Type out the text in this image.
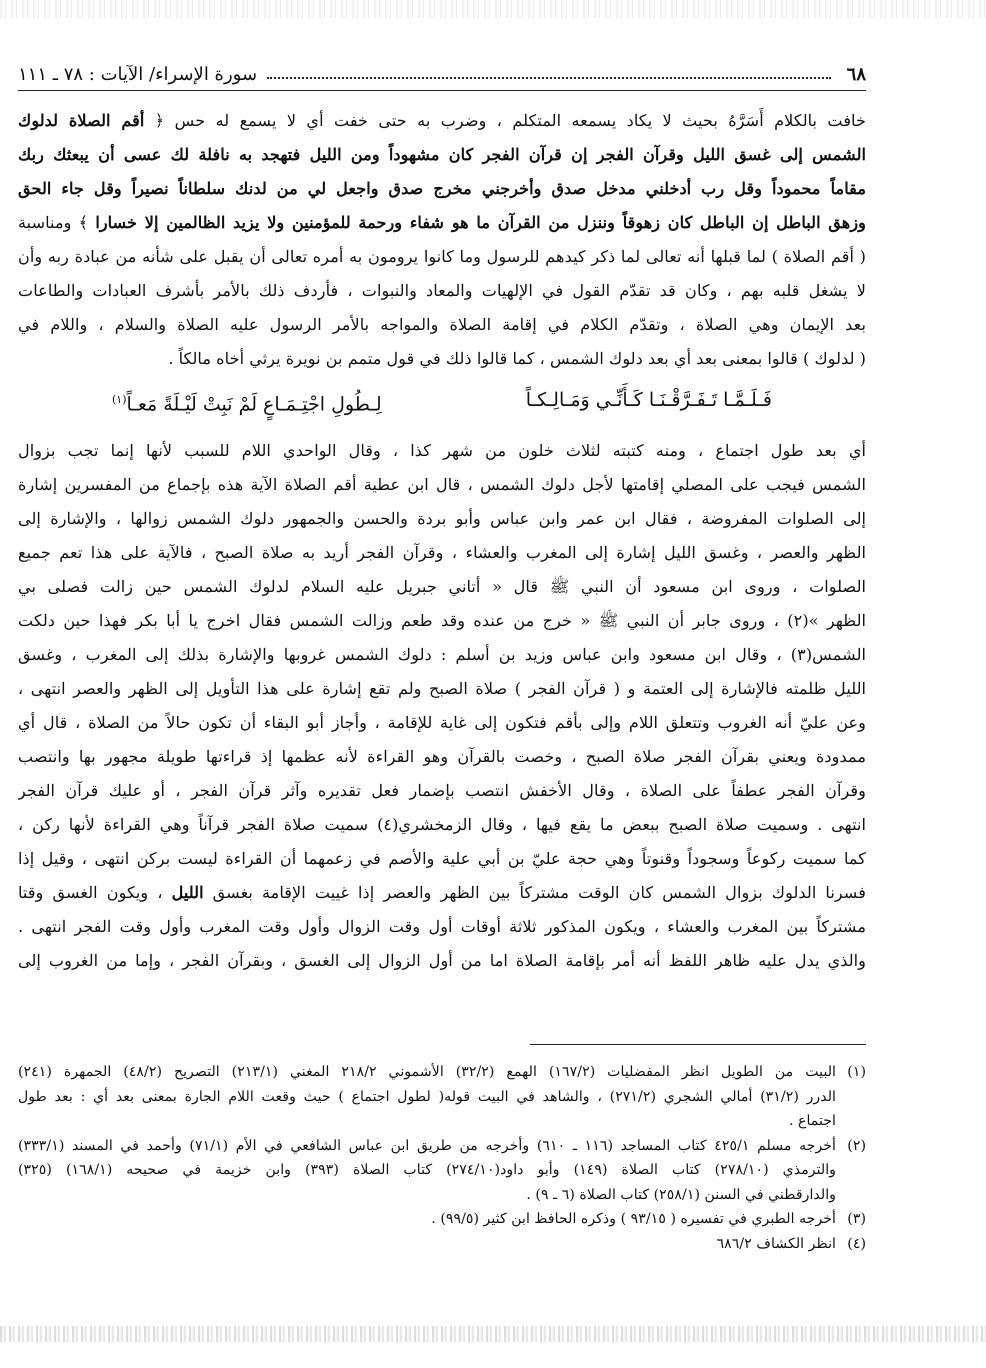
٦٨
سورة الإسراء/ الآيات : ٧٨ ـ ١١١
خافت بالكلام أَسَرَّهُ بحيث لا يكاد يسمعه المتكلم ، وضرب به حتى خفت أي لا يسمع له حس ﴿ أقم الصلاة لدلوك
الشمس إلى غسق الليل وقرآن الفجر إن قرآن الفجر كان مشهوداً ومن الليل فتهجد به نافلة لك عسى أن يبعثك ربك
مقاماً محموداً وقل رب أدخلني مدخل صدق وأخرجني مخرج صدق واجعل لي من لدنك سلطاناً نصيراً وقل جاء الحق
وزهق الباطل إن الباطل كان زهوقاً وننزل من القرآن ما هو شفاء ورحمة للمؤمنين ولا يزيد الظالمين إلا خسارا ﴾ ومناسبة
( أقم الصلاة ) لما قبلها أنه تعالى لما ذكر كيدهم للرسول وما كانوا يرومون به أمره تعالى أن يقبل على شأنه من عبادة ربه وأن
لا يشغل قلبه بهم ، وكان قد تقدّم القول في الإلهيات والمعاد والنبوات ، فأردف ذلك بالأمر بأشرف العبادات والطاعات
بعد الإيمان وهي الصلاة ، وتقدّم الكلام في إقامة الصلاة والمواجه بالأمر الرسول عليه الصلاة والسلام ، واللام في
( لدلوك ) قالوا بمعنى بعد أي بعد دلوك الشمس ، كما قالوا ذلك في قول متمم بن نويرة يرثي أخاه مالكاً .
فَـلَـمَّـا تَـفَـرَّقْـنَـا كَـأَنِّـي وَمَـالِـكـاً
لِـطُولِ اجْتِـمَـاعٍ لَمْ نَبِتْ لَيْـلَةً مَعـاً$^{(١)}$
أي بعد طول اجتماع ، ومنه كتبته لثلاث خلون من شهر كذا ، وقال الواحدي اللام للسبب لأنها إنما تجب بزوال
الشمس فيجب على المصلي إقامتها لأجل دلوك الشمس ، قال ابن عطية أقم الصلاة الآية هذه بإجماع من المفسرين إشارة
إلى الصلوات المفروضة ، فقال ابن عمر وابن عباس وأبو بردة والحسن والجمهور دلوك الشمس زوالها ، والإشارة إلى
الظهر والعصر ، وغسق الليل إشارة إلى المغرب والعشاء ، وقرآن الفجر أريد به صلاة الصبح ، فالآية على هذا تعم جميع
الصلوات ، وروى ابن مسعود أن النبي ﷺ قال « أتاني جبريل عليه السلام لدلوك الشمس حين زالت فصلى بي
الظهر »(٢) ، وروى جابر أن النبي ﷺ « خرج من عنده وقد طعم وزالت الشمس فقال اخرج يا أبا بكر فهذا حين دلكت
الشمس(٣) ، وقال ابن مسعود وابن عباس وزيد بن أسلم : دلوك الشمس غروبها والإشارة بذلك إلى المغرب ، وغسق
الليل ظلمته فالإشارة إلى العتمة و ( قرآن الفجر ) صلاة الصبح ولم تقع إشارة على هذا التأويل إلى الظهر والعصر انتهى ،
وعن عليّ أنه الغروب وتتعلق اللام وإلى بأقم فتكون إلى غاية للإقامة ، وأجاز أبو البقاء أن تكون حالاً من الصلاة ، قال أي
ممدودة ويعني بقرآن الفجر صلاة الصبح ، وخصت بالقرآن وهو القراءة لأنه عظمها إذ قراءتها طويلة مجهور بها وانتصب
وقرآن الفجر عطفاً على الصلاة ، وقال الأخفش انتصب بإضمار فعل تقديره وآثر قرآن الفجر ، أو عليك قرآن الفجر
انتهى . وسميت صلاة الصبح ببعض ما يقع فيها ، وقال الزمخشري(٤) سميت صلاة الفجر قرآناً وهي القراءة لأنها ركن ،
كما سميت ركوعاً وسجوداً وقنوتاً وهي حجة عليّ بن أبي علية والأصم في زعمهما أن القراءة ليست بركن انتهى ، وقيل إذا
فسرنا الدلوك بزوال الشمس كان الوقت مشتركاً بين الظهر والعصر إذا غييت الإقامة بغسق الليل ، ويكون الغسق وقتا
مشتركاً بين المغرب والعشاء ، ويكون المذكور ثلاثة أوقات أول وقت الزوال وأول وقت المغرب وأول وقت الفجر انتهى .
والذي يدل عليه ظاهر اللفظ أنه أمر بإقامة الصلاة اما من أول الزوال إلى الغسق ، وبقرآن الفجر ، وإما من الغروب إلى
(١)
البيت من الطويل انظر المفضليات (١٦٧/٢) الهمع (٣٢/٢) الأشموني ٢١٨/٢ المغني (٢١٣/١) التصريح (٤٨/٢) الجمهرة (٢٤١)
الدرر (٣١/٢) أمالي الشجري (٢٧١/٢) ، والشاهد في البيت قوله( لطول اجتماع ) حيث وقعت اللام الجارة بمعنى بعد أي : بعد طول
اجتماع .
(٢)
أخرجه مسلم ٤٢٥/١ كتاب المساجد (١١٦ ـ ٦١٠) وأخرجه من طريق ابن عباس الشافعي في الأم (٧١/١) وأحمد في المسند (٣٣٣/١)
والترمذي (٢٧٨/١٠) كتاب الصلاة (١٤٩) وأبو داود(٢٧٤/١٠) كتاب الصلاة (٣٩٣) وابن خزيمة في صحيحه (١٦٨/١) (٣٢٥)
والدارقطني في السنن (٢٥٨/١) كتاب الصلاة (٦ ـ ٩) .
(٣)
أخرجه الطبري في تفسيره ( ٩٣/١٥ ) وذكره الحافظ ابن كثير (٩٩/٥) .
(٤)
انظر الكشاف ٦٨٦/٢
